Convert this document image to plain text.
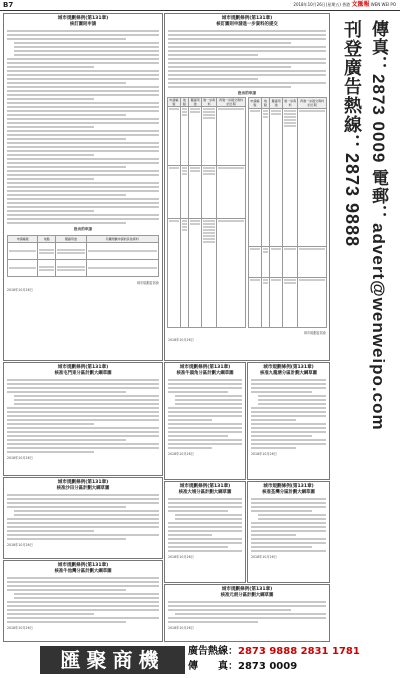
B7	2018年10月26日(星期五) 香港 文匯報 WEN WEI PO
城市規劃條例(第131章)
核訂圖則申請
批出的申請
申請編號	地點	擬議用途	有關規劃申請的其他資料

城市規劃委員會
2018年10月26日
城市規劃條例(第131章)
核訂圖則申請進一步資料的提交
批出的申請
申請編號	地點	擬議用途	進一步資料	再進一步提交資料的日期

申請編號	地點	擬議用途	進一步資料	再進一步提交資料的日期

城市規劃委員會
2018年10月26日
城市規劃條例(第131章)
核准屯門東分區計劃大綱草圖
2018年10月26日
城市規劃條例(第131章)
核准沙田分區計劃大綱草圖
2018年10月26日
城市規劃條例(第131章)
核准牛池灣分區計劃大綱草圖
2018年10月26日
城市規劃條例(第131章)
核准牛頭角分區計劃大綱草圖
2018年10月26日
城市規劃條例(第131章)
核准九龍塘分區計劃大綱草圖
2018年10月26日
城市規劃條例(第131章)
核准大埔分區計劃大綱草圖
2018年10月26日
城市規劃條例(第131章)
核准荃灣分區計劃大綱草圖
2018年10月26日
城市規劃條例(第131章)
核准元朗分區計劃大綱草圖
2018年10月26日
刊登廣告熱線：2873 9888 傳真：2873 0009 電郵：advert@wenweipo.com
匯聚商機	廣告熱線：2873 9888 2831 1781
傳　　真：2873 0009
